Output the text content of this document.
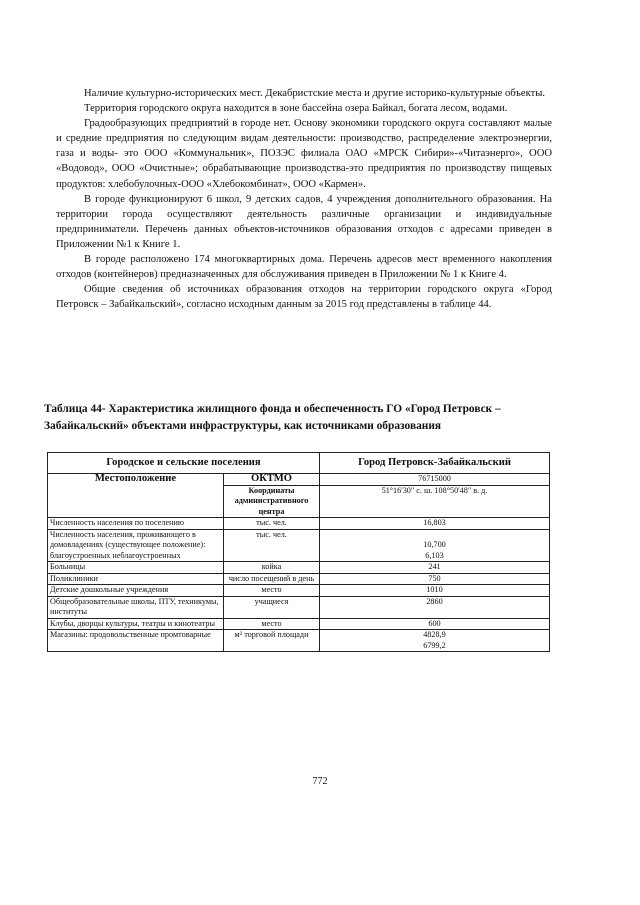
Наличие культурно-исторических мест. Декабристские места и другие историко-культурные объекты.

Территория городского округа находится в зоне бассейна озера Байкал, богата лесом, водами.

Градообразующих предприятий в городе нет. Основу экономики городского округа составляют малые и средние предприятия по следующим видам деятельности: производство, распределение электроэнергии, газа и воды- это ООО «Коммунальник», ПОЗЭС филиала ОАО «МРСК Сибири»-«Читаэнерго», ООО «Водовод», ООО «Очистные»; обрабатывающие производства-это предприятия по производству пищевых продуктов: хлебобулочных-ООО «Хлебокомбинат», ООО «Кармен».

В городе функционируют 6 школ, 9 детских садов, 4 учреждения дополнительного образования. На территории города осуществляют деятельность различные организации и индивидуальные предприниматели. Перечень данных объектов-источников образования отходов с адресами приведен в Приложении №1 к Книге 1.

В городе расположено 174 многоквартирных дома. Перечень адресов мест временного накопления отходов (контейнеров) предназначенных для обслуживания приведен в Приложении № 1 к Книге 4.

Общие сведения об источниках образования отходов на территории городского округа «Город Петровск – Забайкальский», согласно исходным данным за 2015 год представлены в таблице 44.

Таблица 44- Характеристика жилищного фонда и обеспеченность ГО «Город Петровск – Забайкальский» объектами инфраструктуры, как источниками образования

Городское и сельские поселения		Город Петровск-Забайкальский
Местоположение	ОКТМО	76715000
	Координаты административного центра	51°16'30" с. ш. 108°50'48" в. д.
Численность населения по поселению	тыс. чел.	16,803
Численность населения, проживающего в домовладениях (существующее положение): благоустроенных неблагоустроенных	тыс. чел.	10,700
6,103
Больницы	койка	241
Поликлиники	число посещений в день	750
Детские дошкольные учреждения	место	1010
Общеобразовательные школы, ПТУ, техникумы, институты	учащиеся	2860
Клубы, дворцы культуры, театры и кинотеатры	место	600
Магазины: продовольственные промтоварные	м² торговой площади	4828,9
6799,2
772
